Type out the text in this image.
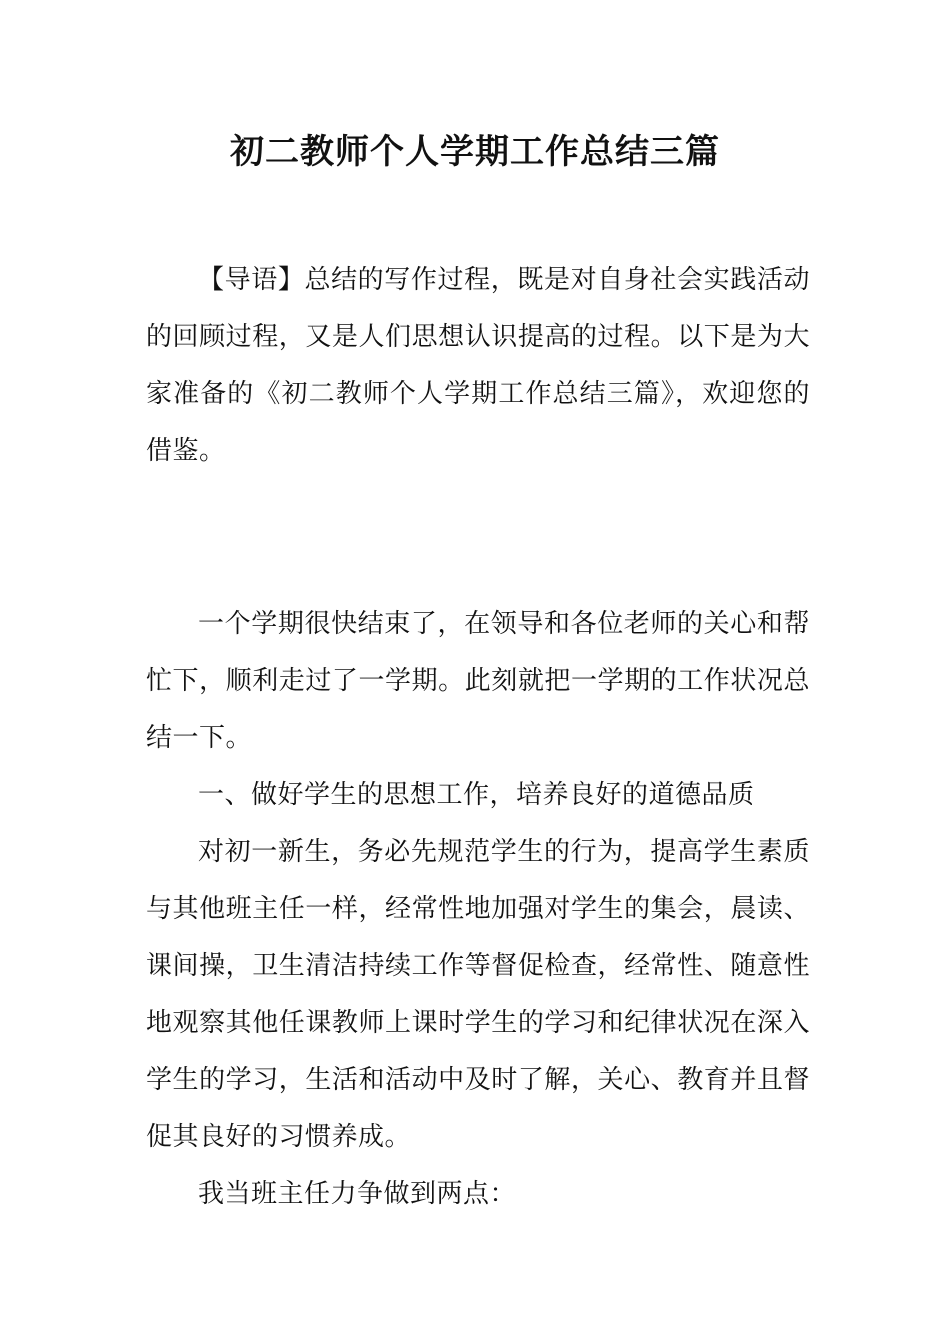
初二教师个人学期工作总结三篇

【导语】总结的写作过程，既是对自身社会实践活动的回顾过程，又是人们思想认识提高的过程。以下是为大家准备的《初二教师个人学期工作总结三篇》，欢迎您的借鉴。

一个学期很快结束了，在领导和各位老师的关心和帮忙下，顺利走过了一学期。此刻就把一学期的工作状况总结一下。

一、做好学生的思想工作，培养良好的道德品质

对初一新生，务必先规范学生的行为，提高学生素质与其他班主任一样，经常性地加强对学生的集会，晨读、课间操，卫生清洁持续工作等督促检查，经常性、随意性地观察其他任课教师上课时学生的学习和纪律状况在深入学生的学习，生活和活动中及时了解，关心、教育并且督促其良好的习惯养成。

我当班主任力争做到两点：
